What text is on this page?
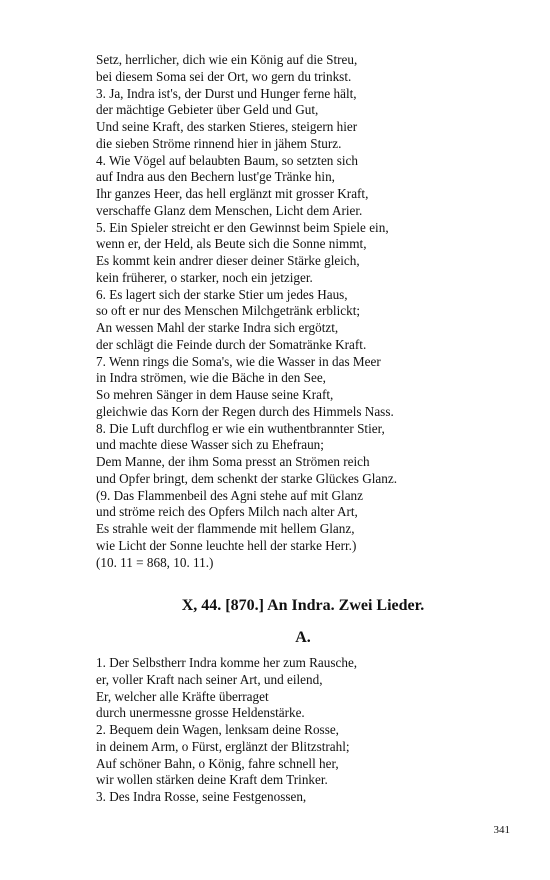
Setz, herrlicher, dich wie ein König auf die Streu,

bei diesem Soma sei der Ort, wo gern du trinkst.

3. Ja, Indra ist's, der Durst und Hunger ferne hält,

der mächtige Gebieter über Geld und Gut,

Und seine Kraft, des starken Stieres, steigern hier

die sieben Ströme rinnend hier in jähem Sturz.

4. Wie Vögel auf belaubten Baum, so setzten sich

auf Indra aus den Bechern lust'ge Tränke hin,

Ihr ganzes Heer, das hell erglänzt mit grosser Kraft,

verschaffe Glanz dem Menschen, Licht dem Arier.

5. Ein Spieler streicht er den Gewinnst beim Spiele ein,

wenn er, der Held, als Beute sich die Sonne nimmt,

Es kommt kein andrer dieser deiner Stärke gleich,

kein früherer, o starker, noch ein jetziger.

6. Es lagert sich der starke Stier um jedes Haus,

so oft er nur des Menschen Milchgetränk erblickt;

An wessen Mahl der starke Indra sich ergötzt,

der schlägt die Feinde durch der Somatränke Kraft.

7. Wenn rings die Soma's, wie die Wasser in das Meer

in Indra strömen, wie die Bäche in den See,

So mehren Sänger in dem Hause seine Kraft,

gleichwie das Korn der Regen durch des Himmels Nass.

8. Die Luft durchflog er wie ein wuthentbrannter Stier,

und machte diese Wasser sich zu Ehefraun;

Dem Manne, der ihm Soma presst an Strömen reich

und Opfer bringt, dem schenkt der starke Glückes Glanz.

(9. Das Flammenbeil des Agni stehe auf mit Glanz

und ströme reich des Opfers Milch nach alter Art,

Es strahle weit der flammende mit hellem Glanz,

wie Licht der Sonne leuchte hell der starke Herr.)

(10. 11 = 868, 10. 11.)

X, 44. [870.] An Indra. Zwei Lieder.
A.

1. Der Selbstherr Indra komme her zum Rausche,

er, voller Kraft nach seiner Art, und eilend,

Er, welcher alle Kräfte überraget

durch unermessne grosse Heldenstärke.

2. Bequem dein Wagen, lenksam deine Rosse,

in deinem Arm, o Fürst, erglänzt der Blitzstrahl;

Auf schöner Bahn, o König, fahre schnell her,

wir wollen stärken deine Kraft dem Trinker.

3. Des Indra Rosse, seine Festgenossen,

341
